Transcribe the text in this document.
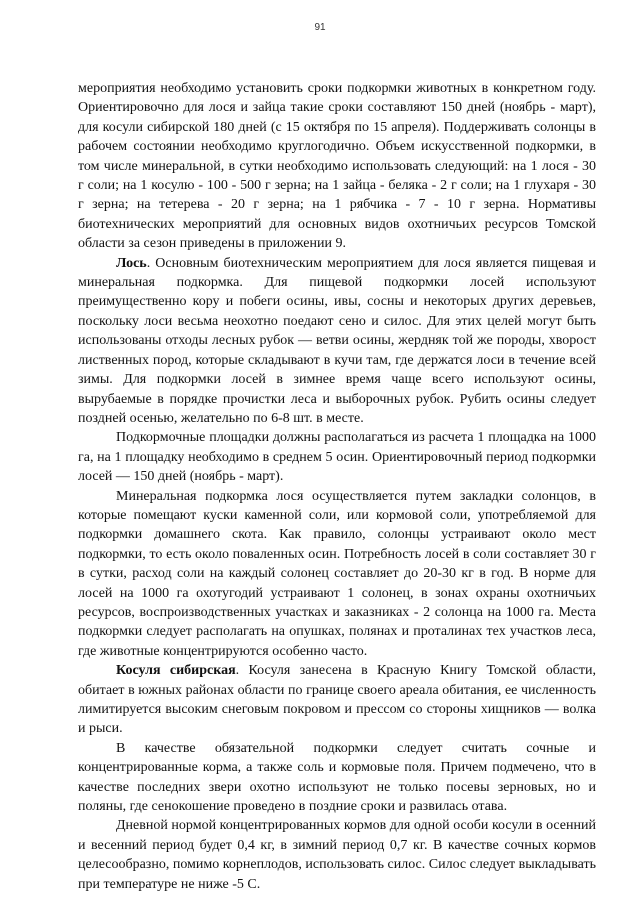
91

мероприятия необходимо установить сроки подкормки животных в конкретном году. Ориентировочно для лося и зайца такие сроки составляют 150 дней (ноябрь - март), для косули сибирской 180 дней (с 15 октября по 15 апреля). Поддерживать солонцы в рабочем состоянии необходимо круглогодично. Объем искусственной подкормки, в том числе минеральной, в сутки необходимо использовать следующий: на 1 лося - 30 г соли; на 1 косулю - 100 - 500 г зерна; на 1 зайца - беляка - 2 г соли; на 1 глухаря - 30 г зерна; на тетерева - 20 г зерна; на 1 рябчика - 7 - 10 г зерна. Нормативы биотехнических мероприятий для основных видов охотничьих ресурсов Томской области за сезон приведены в приложении 9.

Лось. Основным биотехническим мероприятием для лося является пищевая и минеральная подкормка. Для пищевой подкормки лосей используют преимущественно кору и побеги осины, ивы, сосны и некоторых других деревьев, поскольку лоси весьма неохотно поедают сено и силос. Для этих целей могут быть использованы отходы лесных рубок — ветви осины, жердняк той же породы, хворост лиственных пород, которые складывают в кучи там, где держатся лоси в течение всей зимы. Для подкормки лосей в зимнее время чаще всего используют осины, вырубаемые в порядке прочистки леса и выборочных рубок. Рубить осины следует поздней осенью, желательно по 6-8 шт. в месте.

Подкормочные площадки должны располагаться из расчета 1 площадка на 1000 га, на 1 площадку необходимо в среднем 5 осин. Ориентировочный период подкормки лосей — 150 дней (ноябрь - март).

Минеральная подкормка лося осуществляется путем закладки солонцов, в которые помещают куски каменной соли, или кормовой соли, употребляемой для подкормки домашнего скота. Как правило, солонцы устраивают около мест подкормки, то есть около поваленных осин. Потребность лосей в соли составляет 30 г в сутки, расход соли на каждый солонец составляет до 20-30 кг в год. В норме для лосей на 1000 га охотугодий устраивают 1 солонец, в зонах охраны охотничьих ресурсов, воспроизводственных участках и заказниках - 2 солонца на 1000 га. Места подкормки следует располагать на опушках, полянах и проталинах тех участков леса, где животные концентрируются особенно часто.

Косуля сибирская. Косуля занесена в Красную Книгу Томской области, обитает в южных районах области по границе своего ареала обитания, ее численность лимитируется высоким снеговым покровом и прессом со стороны хищников — волка и рыси.

В качестве обязательной подкормки следует считать сочные и концентрированные корма, а также соль и кормовые поля. Причем подмечено, что в качестве последних звери охотно используют не только посевы зерновых, но и поляны, где сенокошение проведено в поздние сроки и развилась отава.

Дневной нормой концентрированных кормов для одной особи косули в осенний и весенний период будет 0,4 кг, в зимний период 0,7 кг. В качестве сочных кормов целесообразно, помимо корнеплодов, использовать силос. Силос следует выкладывать при температуре не ниже -5 С.
